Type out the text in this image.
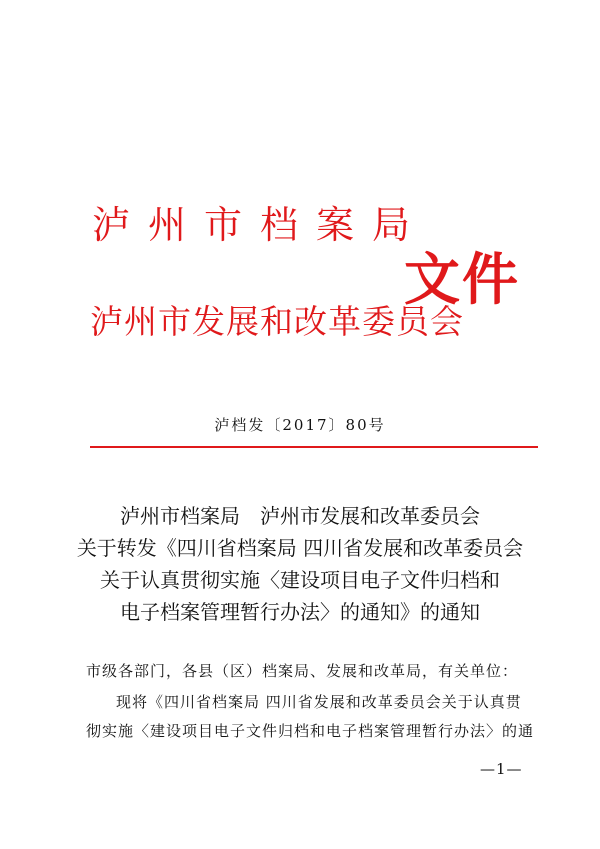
泸州市档案局
泸州市发展和改革委员会
文件
泸档发〔2017〕80号
泸州市档案局　泸州市发展和改革委员会
关于转发《四川省档案局 四川省发展和改革委员会
关于认真贯彻实施〈建设项目电子文件归档和
电子档案管理暂行办法〉的通知》的通知
市级各部门，各县（区）档案局、发展和改革局，有关单位：
现将《四川省档案局 四川省发展和改革委员会关于认真贯
彻实施〈建设项目电子文件归档和电子档案管理暂行办法〉的通
—1—
